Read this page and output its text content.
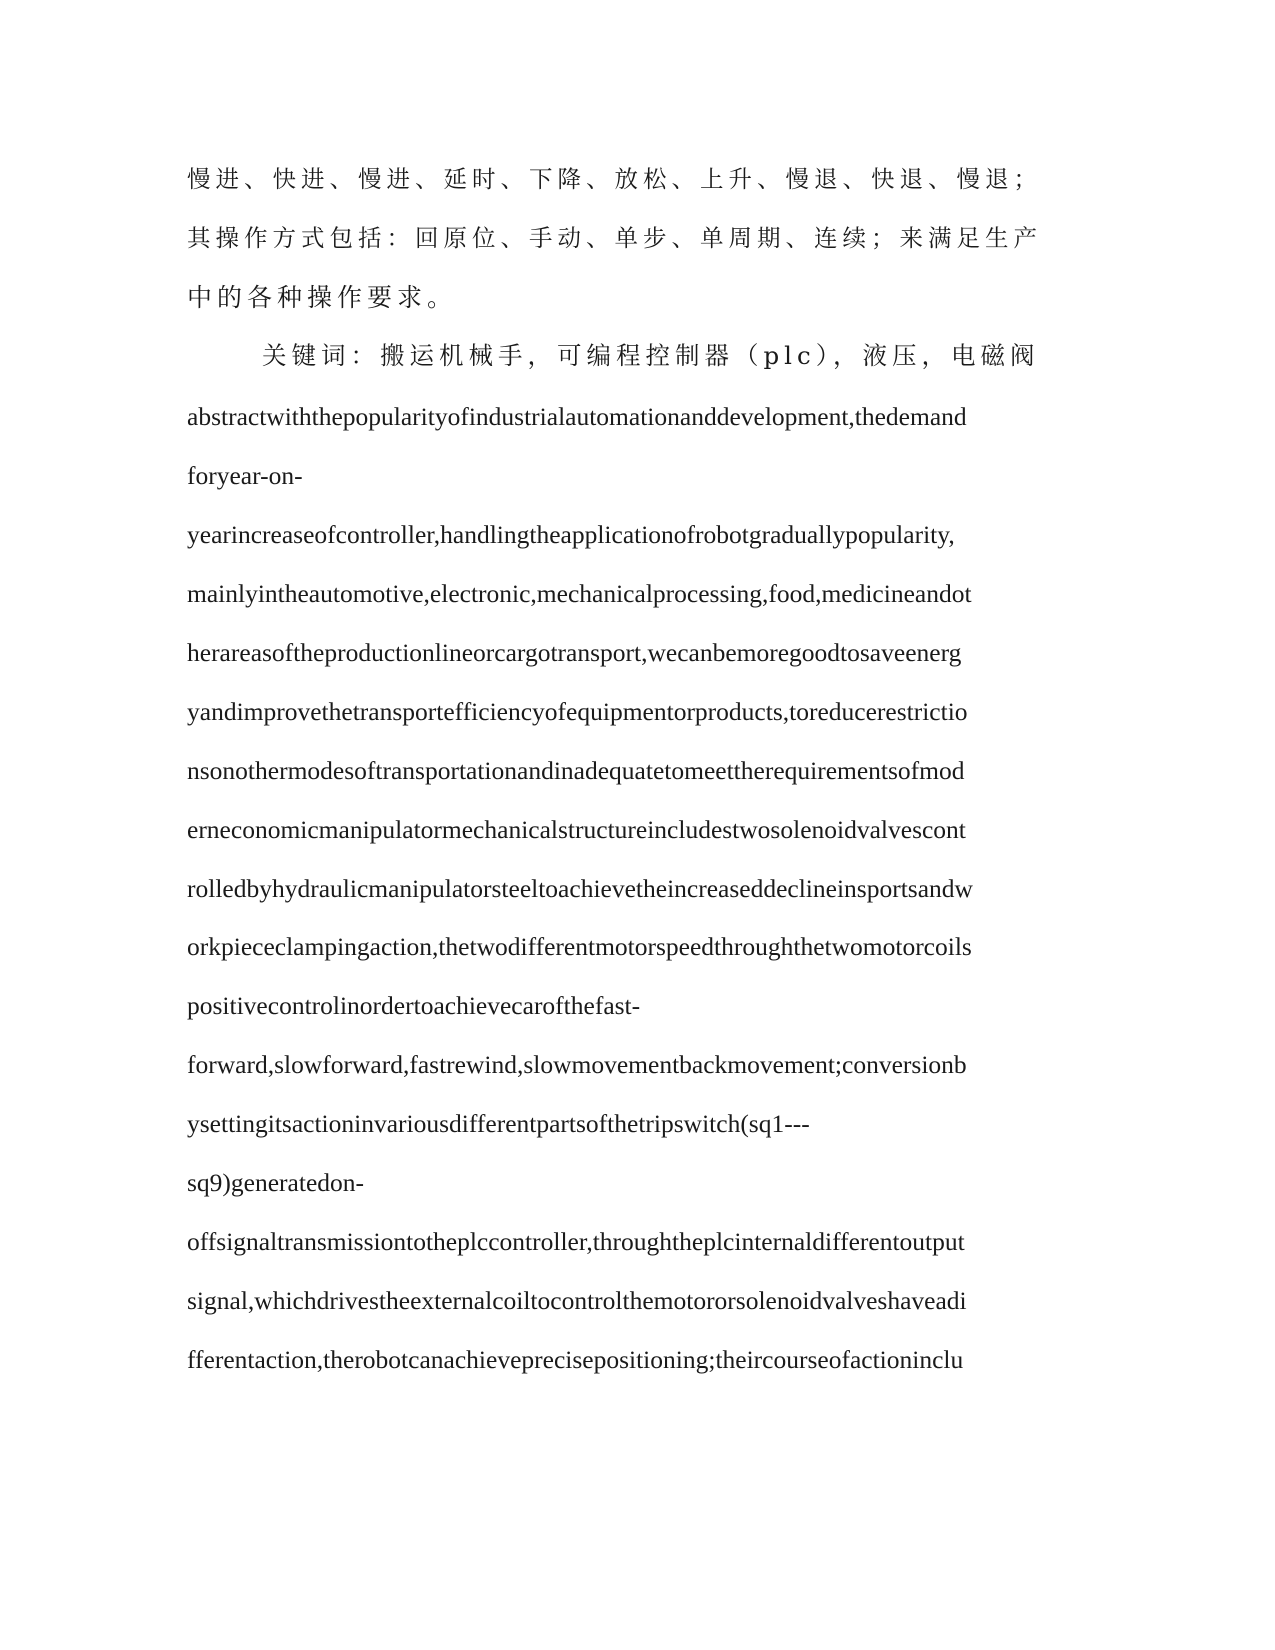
慢进、快进、慢进、延时、下降、放松、上升、慢退、快退、慢退；
其操作方式包括：回原位、手动、单步、单周期、连续；来满足生产
中的各种操作要求。
关键词：搬运机械手，可编程控制器（plc），液压，电磁阀
abstractwiththepopularityofindustrialautomationanddevelopment,thedemand
foryear-on-
yearincreaseofcontroller,handlingtheapplicationofrobotgraduallypopularity,
mainlyintheautomotive,electronic,mechanicalprocessing,food,medicineandot
herareasoftheproductionlineorcargotransport,wecanbemoregoodtosaveenerg
yandimprovethetransportefficiencyofequipmentorproducts,toreducerestrictio
nsonothermodesoftransportationandinadequatetomeettherequirementsofmod
erneconomicmanipulatormechanicalstructureincludestwosolenoidvalvescont
rolledbyhydraulicmanipulatorsteeltoachievetheincreaseddeclineinsportsandw
orkpiececlampingaction,thetwodifferentmotorspeedthroughthetwomotorcoils
positivecontrolinordertoachievecarofthefast-
forward,slowforward,fastrewind,slowmovementbackmovement;conversionb
ysettingitsactioninvariousdifferentpartsofthetripswitch(sq1---
sq9)generatedon-
offsignaltransmissiontotheplccontroller,throughtheplcinternaldifferentoutput
signal,whichdrivestheexternalcoiltocontrolthemotororsolenoidvalveshaveadi
fferentaction,therobotcanachieveprecisepositioning;theircourseofactioninclu
